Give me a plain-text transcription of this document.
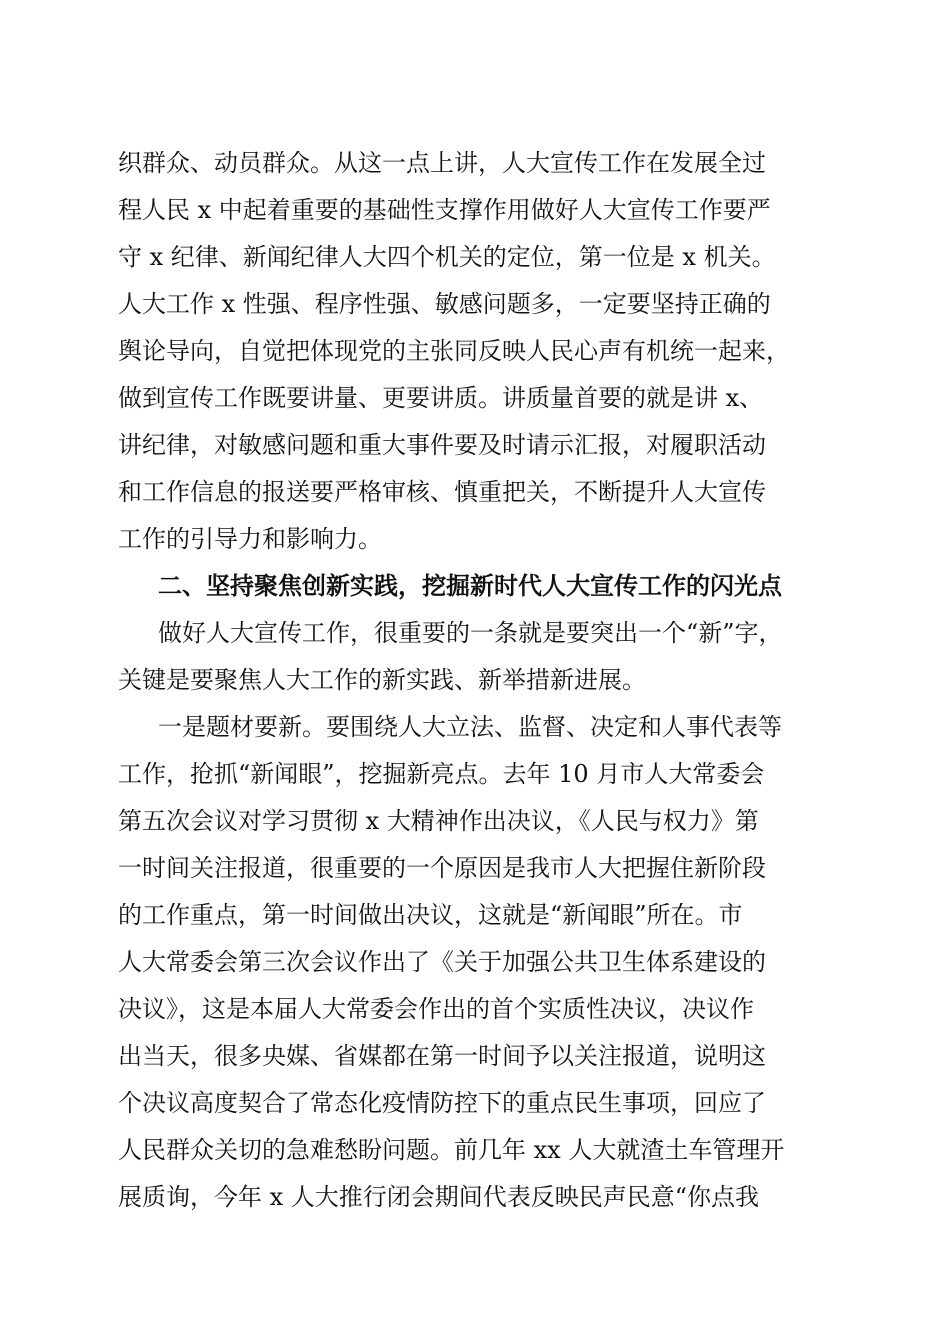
织群众、动员群众。从这一点上讲，人大宣传工作在发展全过
程人民 x 中起着重要的基础性支撑作用做好人大宣传工作要严
守 x 纪律、新闻纪律人大四个机关的定位，第一位是 x 机关。
人大工作 x 性强、程序性强、敏感问题多，一定要坚持正确的
舆论导向，自觉把体现党的主张同反映人民心声有机统一起来，
做到宣传工作既要讲量、更要讲质。讲质量首要的就是讲 x、
讲纪律，对敏感问题和重大事件要及时请示汇报，对履职活动
和工作信息的报送要严格审核、慎重把关，不断提升人大宣传
工作的引导力和影响力。
二、坚持聚焦创新实践，挖掘新时代人大宣传工作的闪光点
做好人大宣传工作，很重要的一条就是要突出一个“新”字，
关键是要聚焦人大工作的新实践、新举措新进展。
一是题材要新。要围绕人大立法、监督、决定和人事代表等
工作，抢抓“新闻眼”，挖掘新亮点。去年 10 月市人大常委会
第五次会议对学习贯彻 x 大精神作出决议，《人民与权力》第
一时间关注报道，很重要的一个原因是我市人大把握住新阶段
的工作重点，第一时间做出决议，这就是“新闻眼”所在。市
人大常委会第三次会议作出了《关于加强公共卫生体系建设的
决议》，这是本届人大常委会作出的首个实质性决议，决议作
出当天，很多央媒、省媒都在第一时间予以关注报道，说明这
个决议高度契合了常态化疫情防控下的重点民生事项，回应了
人民群众关切的急难愁盼问题。前几年 xx 人大就渣土车管理开
展质询，今年 x 人大推行闭会期间代表反映民声民意“你点我
